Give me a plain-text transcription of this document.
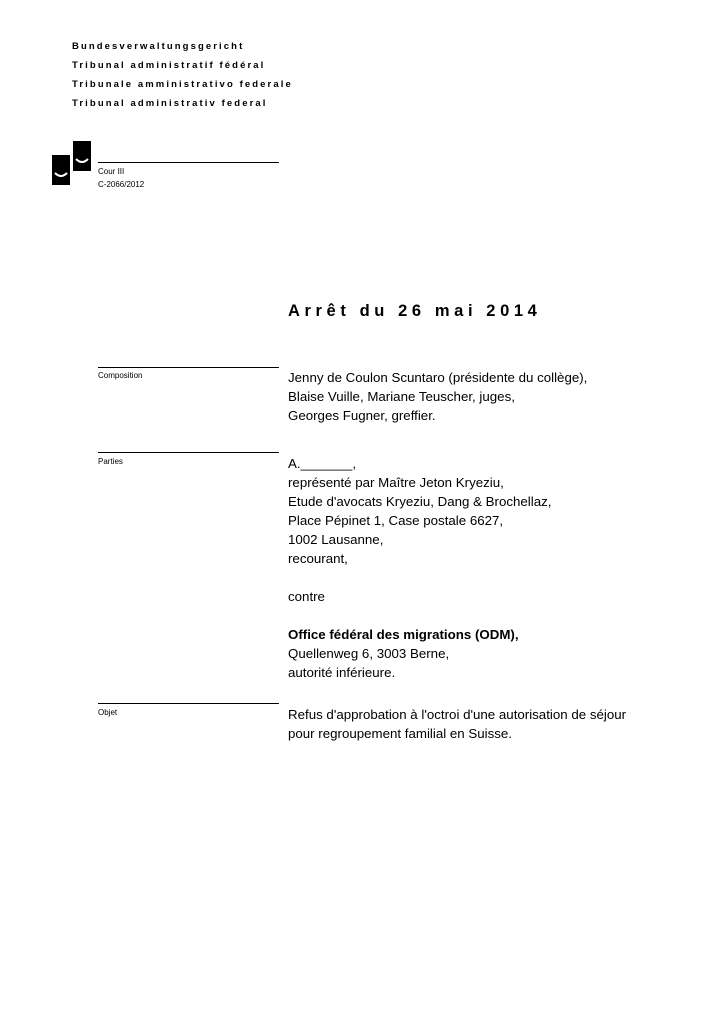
Bundesverwaltungsgericht
Tribunal administratif fédéral
Tribunale amministrativo federale
Tribunal administrativ federal
Cour III
C-2066/2012
Arrêt du 26 mai 2014
Composition	Jenny de Coulon Scuntaro (présidente du collège),
Blaise Vuille, Mariane Teuscher, juges,
Georges Fugner, greffier.
Parties	A._______,
représenté par Maître Jeton Kryeziu,
Etude d'avocats Kryeziu, Dang & Brochellaz,
Place Pépinet 1, Case postale 6627,
1002 Lausanne,
recourant,
contre
Office fédéral des migrations (ODM),
Quellenweg 6, 3003 Berne,
autorité inférieure.
Objet	Refus d'approbation à l'octroi d'une autorisation de séjour
pour regroupement familial en Suisse.
